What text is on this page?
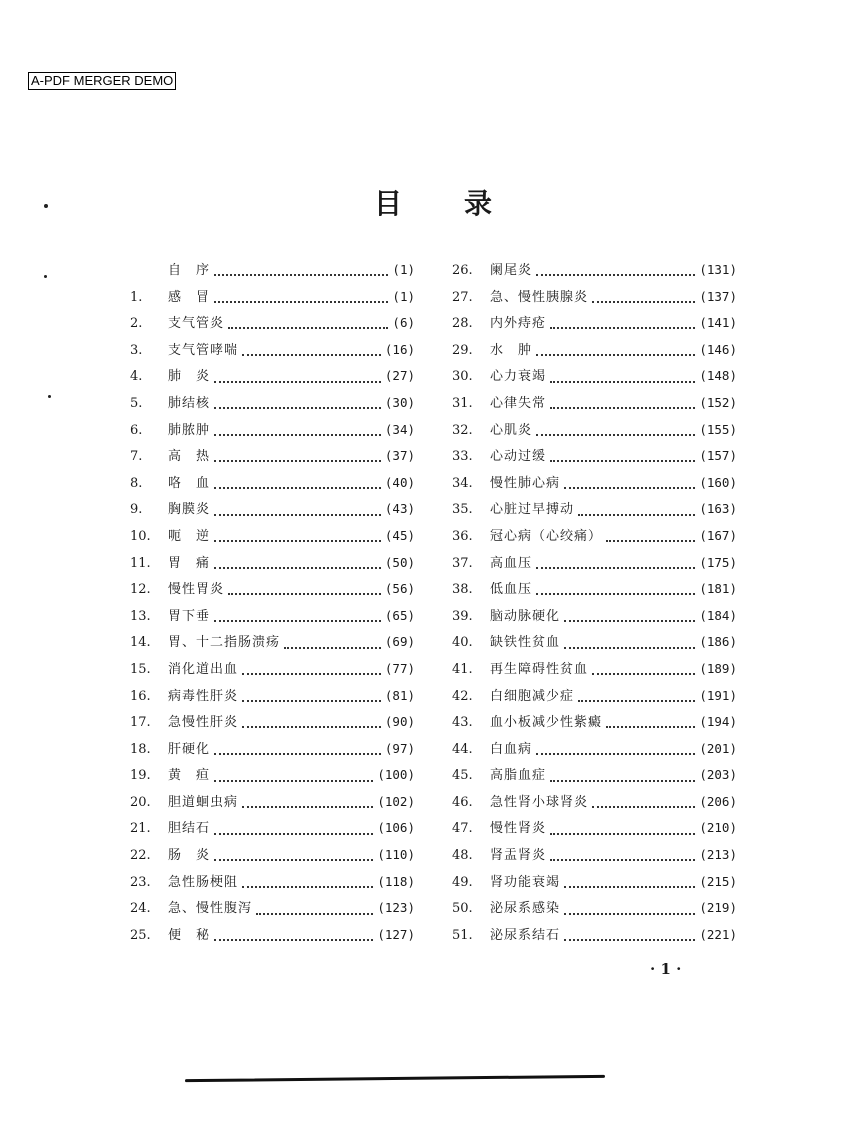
A-PDF MERGER DEMO
目录
自　序	(1)
1.	感　冒	(1)
2.	支气管炎	(6)
3.	支气管哮喘	(16)
4.	肺　炎	(27)
5.	肺结核	(30)
6.	肺脓肿	(34)
7.	高　热	(37)
8.	咯　血	(40)
9.	胸膜炎	(43)
10.	呃　逆	(45)
11.	胃　痛	(50)
12.	慢性胃炎	(56)
13.	胃下垂	(65)
14.	胃、十二指肠溃疡	(69)
15.	消化道出血	(77)
16.	病毒性肝炎	(81)
17.	急慢性肝炎	(90)
18.	肝硬化	(97)
19.	黄　疸	(100)
20.	胆道蛔虫病	(102)
21.	胆结石	(106)
22.	肠　炎	(110)
23.	急性肠梗阻	(118)
24.	急、慢性腹泻	(123)
25.	便　秘	(127)
26.	阑尾炎	(131)
27.	急、慢性胰腺炎	(137)
28.	内外痔疮	(141)
29.	水　肿	(146)
30.	心力衰竭	(148)
31.	心律失常	(152)
32.	心肌炎	(155)
33.	心动过缓	(157)
34.	慢性肺心病	(160)
35.	心脏过早搏动	(163)
36.	冠心病（心绞痛）	(167)
37.	高血压	(175)
38.	低血压	(181)
39.	脑动脉硬化	(184)
40.	缺铁性贫血	(186)
41.	再生障碍性贫血	(189)
42.	白细胞减少症	(191)
43.	血小板减少性紫癜	(194)
44.	白血病	(201)
45.	高脂血症	(203)
46.	急性肾小球肾炎	(206)
47.	慢性肾炎	(210)
48.	肾盂肾炎	(213)
49.	肾功能衰竭	(215)
50.	泌尿系感染	(219)
51.	泌尿系结石	(221)
· 1 ·
